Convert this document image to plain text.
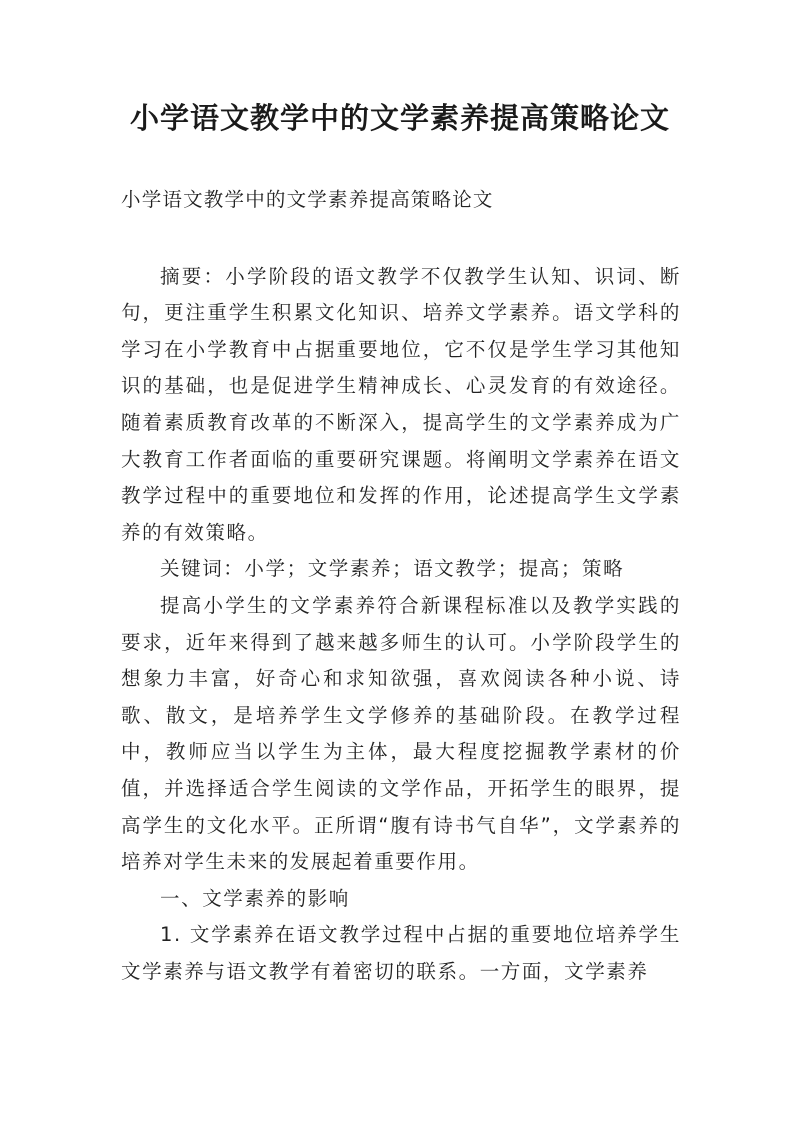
小学语文教学中的文学素养提高策略论文

小学语文教学中的文学素养提高策略论文

摘要：小学阶段的语文教学不仅教学生认知、识词、断句，更注重学生积累文化知识、培养文学素养。语文学科的学习在小学教育中占据重要地位，它不仅是学生学习其他知识的基础，也是促进学生精神成长、心灵发育的有效途径。随着素质教育改革的不断深入，提高学生的文学素养成为广大教育工作者面临的重要研究课题。将阐明文学素养在语文教学过程中的重要地位和发挥的作用，论述提高学生文学素养的有效策略。

关键词：小学；文学素养；语文教学；提高；策略

提高小学生的文学素养符合新课程标准以及教学实践的要求，近年来得到了越来越多师生的认可。小学阶段学生的想象力丰富，好奇心和求知欲强，喜欢阅读各种小说、诗歌、散文，是培养学生文学修养的基础阶段。在教学过程中，教师应当以学生为主体，最大程度挖掘教学素材的价值，并选择适合学生阅读的文学作品，开拓学生的眼界，提高学生的文化水平。正所谓“腹有诗书气自华”，文学素养的培养对学生未来的发展起着重要作用。

一、文学素养的影响

1. 文学素养在语文教学过程中占据的重要地位培养学生文学素养与语文教学有着密切的联系。一方面，文学素养
